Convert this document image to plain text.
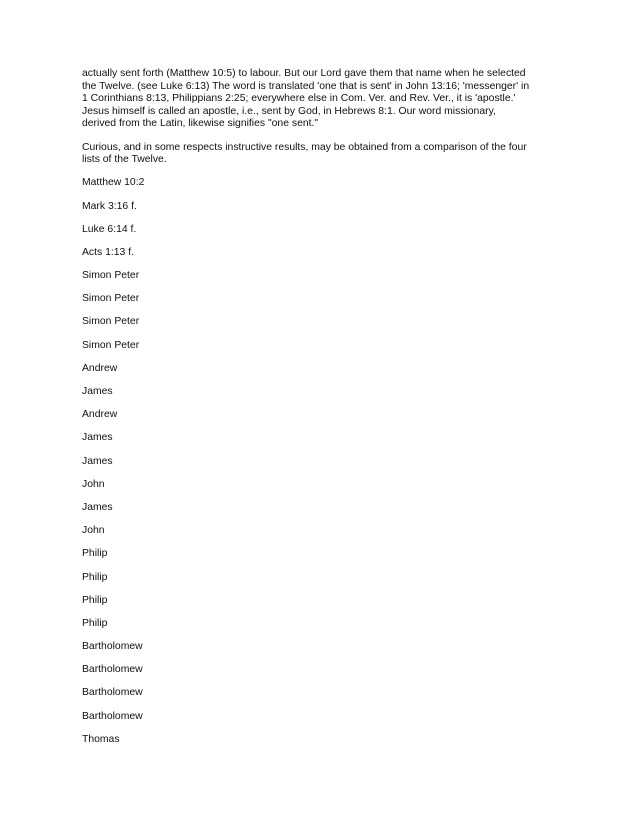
actually sent forth (Matthew 10:5) to labour. But our Lord gave them that name when he selected
the Twelve. (see Luke 6:13) The word is translated 'one that is sent' in John 13:16; 'messenger' in
1 Corinthians 8:13, Philippians 2:25; everywhere else in Com. Ver. and Rev. Ver., it is 'apostle.'
Jesus himself is called an apostle, i.e., sent by God, in Hebrews 8:1. Our word missionary,
derived from the Latin, likewise signifies "one sent."

Curious, and in some respects instructive results, may be obtained from a comparison of the four
lists of the Twelve.

Matthew 10:2

Mark 3:16 f.

Luke 6:14 f.

Acts 1:13 f.

Simon Peter

Simon Peter

Simon Peter

Simon Peter

Andrew

James

Andrew

James

James

John

James

John

Philip

Philip

Philip

Philip

Bartholomew

Bartholomew

Bartholomew

Bartholomew

Thomas
